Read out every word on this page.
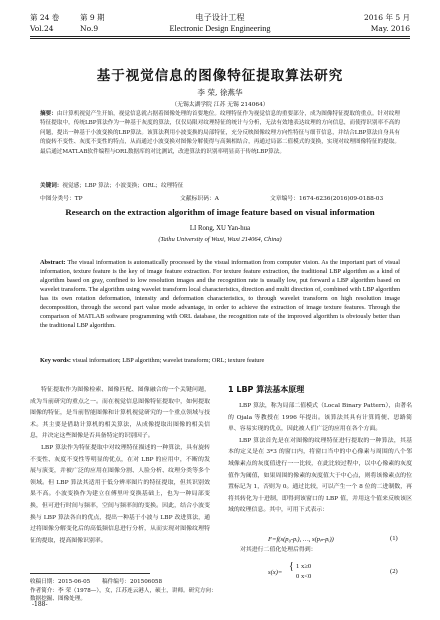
第 24 卷	第 9 期	电子设计工程	2016 年 5 月
Vol.24	No.9	Electronic Design Engineering	May. 2016
基于视觉信息的图像特征提取算法研究
李 荣, 徐燕华
（无锡太湖学院 江苏 无锡 214064）

摘要：由计算机视觉产生开始，视觉信息就占据着图像处理的首要地位。纹理特征作为视觉信息的重要部分，成为图像特征提取的重点。针对纹理特征提取中，传统LBP算法作为一种基于灰度的算法，仅仅局限对纹理特征的统计与分析，无法有效地表达纹理的方向信息，而使得识别率不高的问题，提出一种基于小波变换的LBP算法。该算法利用小波变换的局部特征，充分反映图像纹理方向性特征与细节信息，并结合LBP算法自身具有的旋转不变性、灰度不变性的特点，从而通过小波变换对图像分解使得与高频相结合，再通过局部二值模式的变换，实现对纹理图像特征的提取。最后通过MATLAB软件编程与ORL数据库的对比测试，改进算法的识别率明显高于传统LBP算法。

关键词：视觉感；LBP 算法；小波变换；ORL；纹理特征

中图分类号：TP	文献标识码：A	文章编号：1674-6236(2016)09-0188-03
Research on the extraction algorithm of image feature based on visual information
LI Rong, XU Yan-hua
(Taihu University of Wuxi, Wuxi 214064, China)

Abstract: The visual information is automatically processed by the visual information from computer vision. As the important part of visual information, texture feature is the key of image feature extraction. For texture feature extraction, the traditional LBP algorithm as a kind of algorithm based on gray, confined to low resolution images and the recognition rate is usually low, put forward a LBP algorithm based on wavelet transform. The algorithm using wavelet transform local characteristics, direction and multi direction of, combined with LBP algorithm has its own rotation deformation, intensity and deformation characteristics, to through wavelet transform on high resolution image decomposition, through the second part value mode advantage, in order to achieve the extraction of image texture features. Through the comparison of MATLAB software programming with ORL database, the recognition rate of the improved algorithm is obviously better than the traditional LBP algorithm.

Key words: visual information; LBP algorithm; wavelet transform; ORL; texture feature

特征提取作为图像检索、图像匹配、图像融合的一个关键问题，成为当前研究的重点之一。而在视觉信息图像特征提取中，如何提取图像的特征，是当前智能图像和计算机视觉研究的一个重点领域与技术。其主要是借助计算机的相关算法，从成像提取出图像的相关信息，并决定这些图像是否具备特定的识别因子。

LBP 算法作为特征提取中对纹理特征描述的一种算法，具有旋转不变性、灰度不变性等明显的优点，在对 LBP 的应用中，不断的发展与演变，并被广泛的应用在图像分割、人脸分析、纹理分类等多个领域。但 LBP 算法其适用于低分辨率图片的特征提取，但其识别效果不高。小波变换作为建立在傅里叶变换基础上，也为一种局部变换，但可进行时间与频率，空间与频率间的变换。因此，结合小波变换与 LBP 算法各自的优点，提出一种基于小波与 LBP 改进算法，通过将图像分解变化后的高低频信息进行分析，从而实现对图像纹理特征的提取，提高图像识别率。

1 LBP 算法基本原理

LBP 算法，称为局部二值模式（Local Binary Pattern），由著名的 Ojala 等教授在 1996 年提出。该算法其具有计算简便、思路简单、容易实现的优点，因此被人们广泛的应用在各个方面。

LBP 算法首先是在对图像的纹理特征进行提取的一种算法，其基本的定义是在 3*3 的窗口内，将窗口当中的中心像素与周围的八个邻域像素点的灰度值进行一一比较，在此比较过程中，以中心像素的灰度值作为阈值，如果周围的像素的灰度值大于中心点，则将该像素点的位置标记为 1，否则为 0。通过比较，可以产生一个 8 位的二进制数，再将其转化为十进制，即得到该窗口的 LBP 值，并用这个值来反映该区域的纹理信息。其中，可用下式表示：

F=f(s(p₀-pᵢ), …, s(pₚ-pᵢ))	(1)

对其进行二值化处理后得到：

s(x)=
{ 1 x≥0
0 x<0
(2)
收稿日期：2015-06-05 稿件编号：201506058
作者简介：李 荣（1978—），女，江苏连云港人，硕士，讲师。研究方向：数据挖掘、图像处理。
-188-
